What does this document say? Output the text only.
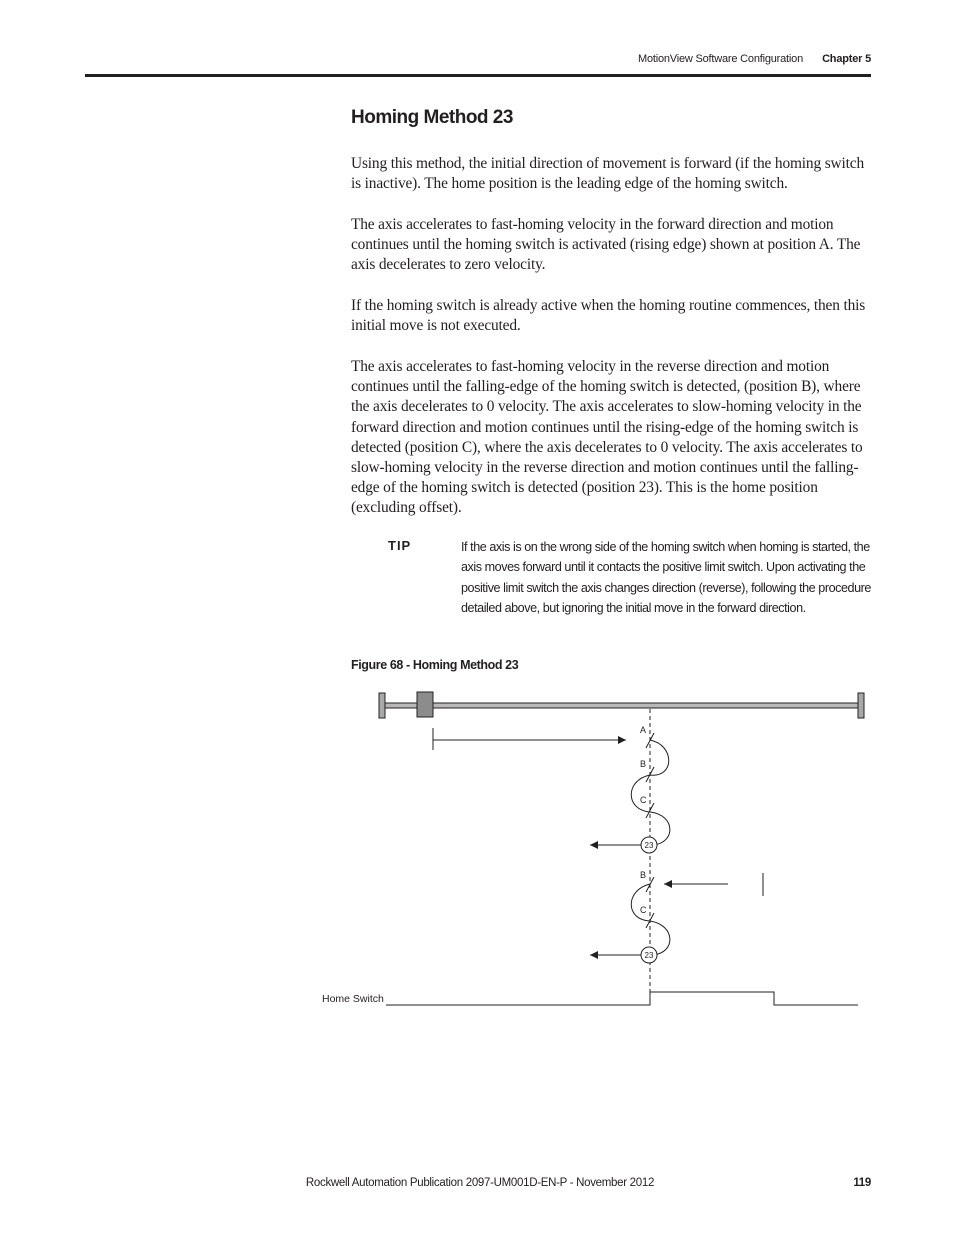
MotionView Software Configuration	Chapter 5
Homing Method 23

Using this method, the initial direction of movement is forward (if the homing switch is inactive). The home position is the leading edge of the homing switch.

The axis accelerates to fast-homing velocity in the forward direction and motion continues until the homing switch is activated (rising edge) shown at position A. The axis decelerates to zero velocity.

If the homing switch is already active when the homing routine commences, then this initial move is not executed.

The axis accelerates to fast-homing velocity in the reverse direction and motion continues until the falling-edge of the homing switch is detected, (position B), where the axis decelerates to 0 velocity. The axis accelerates to slow-homing velocity in the forward direction and motion continues until the rising-edge of the homing switch is detected (position C), where the axis decelerates to 0 velocity. The axis accelerates to slow-homing velocity in the reverse direction and motion continues until the falling-edge of the homing switch is detected (position 23). This is the home position (excluding offset).

TIP	If the axis is on the wrong side of the homing switch when homing is started, the axis moves forward until it contacts the positive limit switch. Upon activating the positive limit switch the axis changes direction (reverse), following the procedure detailed above, but ignoring the initial move in the forward direction.

Figure 68 - Homing Method 23
A
B
C
23
B
C
23
Home Switch
Rockwell Automation Publication 2097-UM001D-EN-P - November 2012	119
